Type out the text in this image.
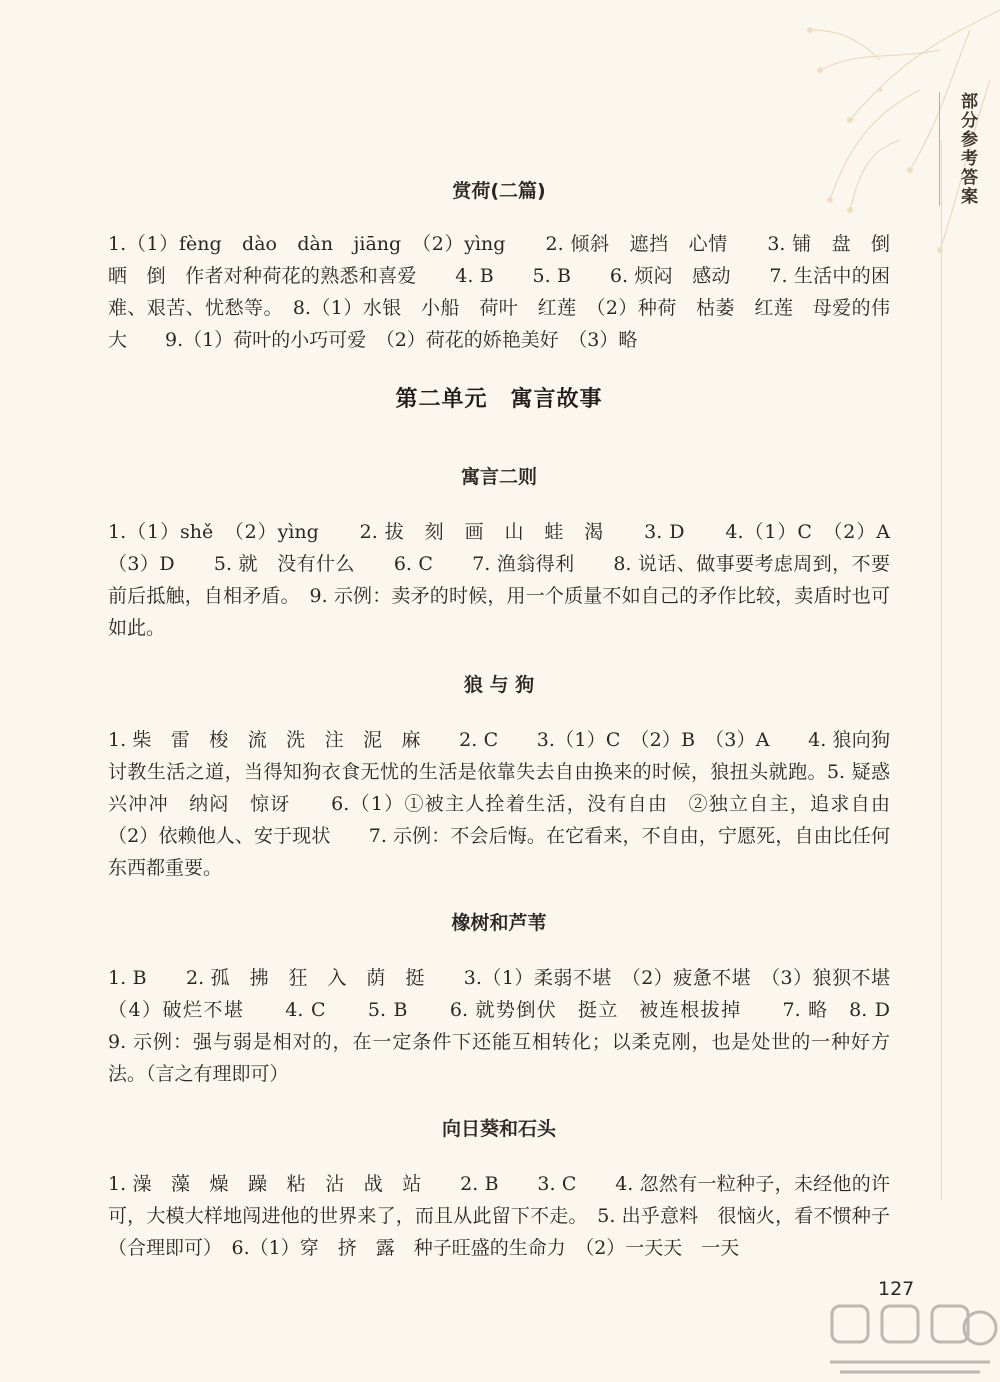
部分参考答案
赏荷(二篇)

1.（1）fèng　dào　dàn　jiāng　（2）yìng　　2. 倾斜　遮挡　心情　　3. 铺　盘　倒　晒　倒　作者对种荷花的熟悉和喜爱　　4. B　　5. B　　6. 烦闷　感动　　7. 生活中的困难、艰苦、忧愁等。　8.（1）水银　小船　荷叶　红莲　（2）种荷　枯萎　红莲　母爱的伟大　　9.（1）荷叶的小巧可爱　（2）荷花的娇艳美好　（3）略

第二单元　寓言故事
寓言二则

1.（1）shě　（2）yìng　　2. 拔　刻　画　山　蛙　渴　　3. D　　4.（1）C　（2）A　（3）D　　5. 就　没有什么　　6. C　　7. 渔翁得利　　8. 说话、做事要考虑周到，不要前后抵触，自相矛盾。　9. 示例：卖矛的时候，用一个质量不如自己的矛作比较，卖盾时也可如此。

狼 与 狗

1. 柴　雷　梭　流　洗　注　泥　麻　　2. C　　3.（1）C　（2）B　（3）A　　4. 狼向狗讨教生活之道，当得知狗衣食无忧的生活是依靠失去自由换来的时候，狼扭头就跑。5. 疑惑　兴冲冲　纳闷　惊讶　　6.（1）①被主人拴着生活，没有自由　②独立自主，追求自由　（2）依赖他人、安于现状　　7. 示例：不会后悔。在它看来，不自由，宁愿死，自由比任何东西都重要。

橡树和芦苇

1. B　　2. 孤　拂　狂　入　荫　挺　　3.（1）柔弱不堪　（2）疲惫不堪　（3）狼狈不堪　（4）破烂不堪　　4. C　　5. B　　6. 就势倒伏　挺立　被连根拔掉　　7. 略　8. D　　9. 示例：强与弱是相对的，在一定条件下还能互相转化；以柔克刚，也是处世的一种好方法。（言之有理即可）

向日葵和石头

1. 澡　藻　燥　躁　粘　沾　战　站　　2. B　　3. C　　4. 忽然有一粒种子，未经他的许可，大模大样地闯进他的世界来了，而且从此留下不走。　5. 出乎意料　很恼火，看不惯种子（合理即可）　6.（1）穿　挤　露　种子旺盛的生命力　（2）一天天　一天

127
